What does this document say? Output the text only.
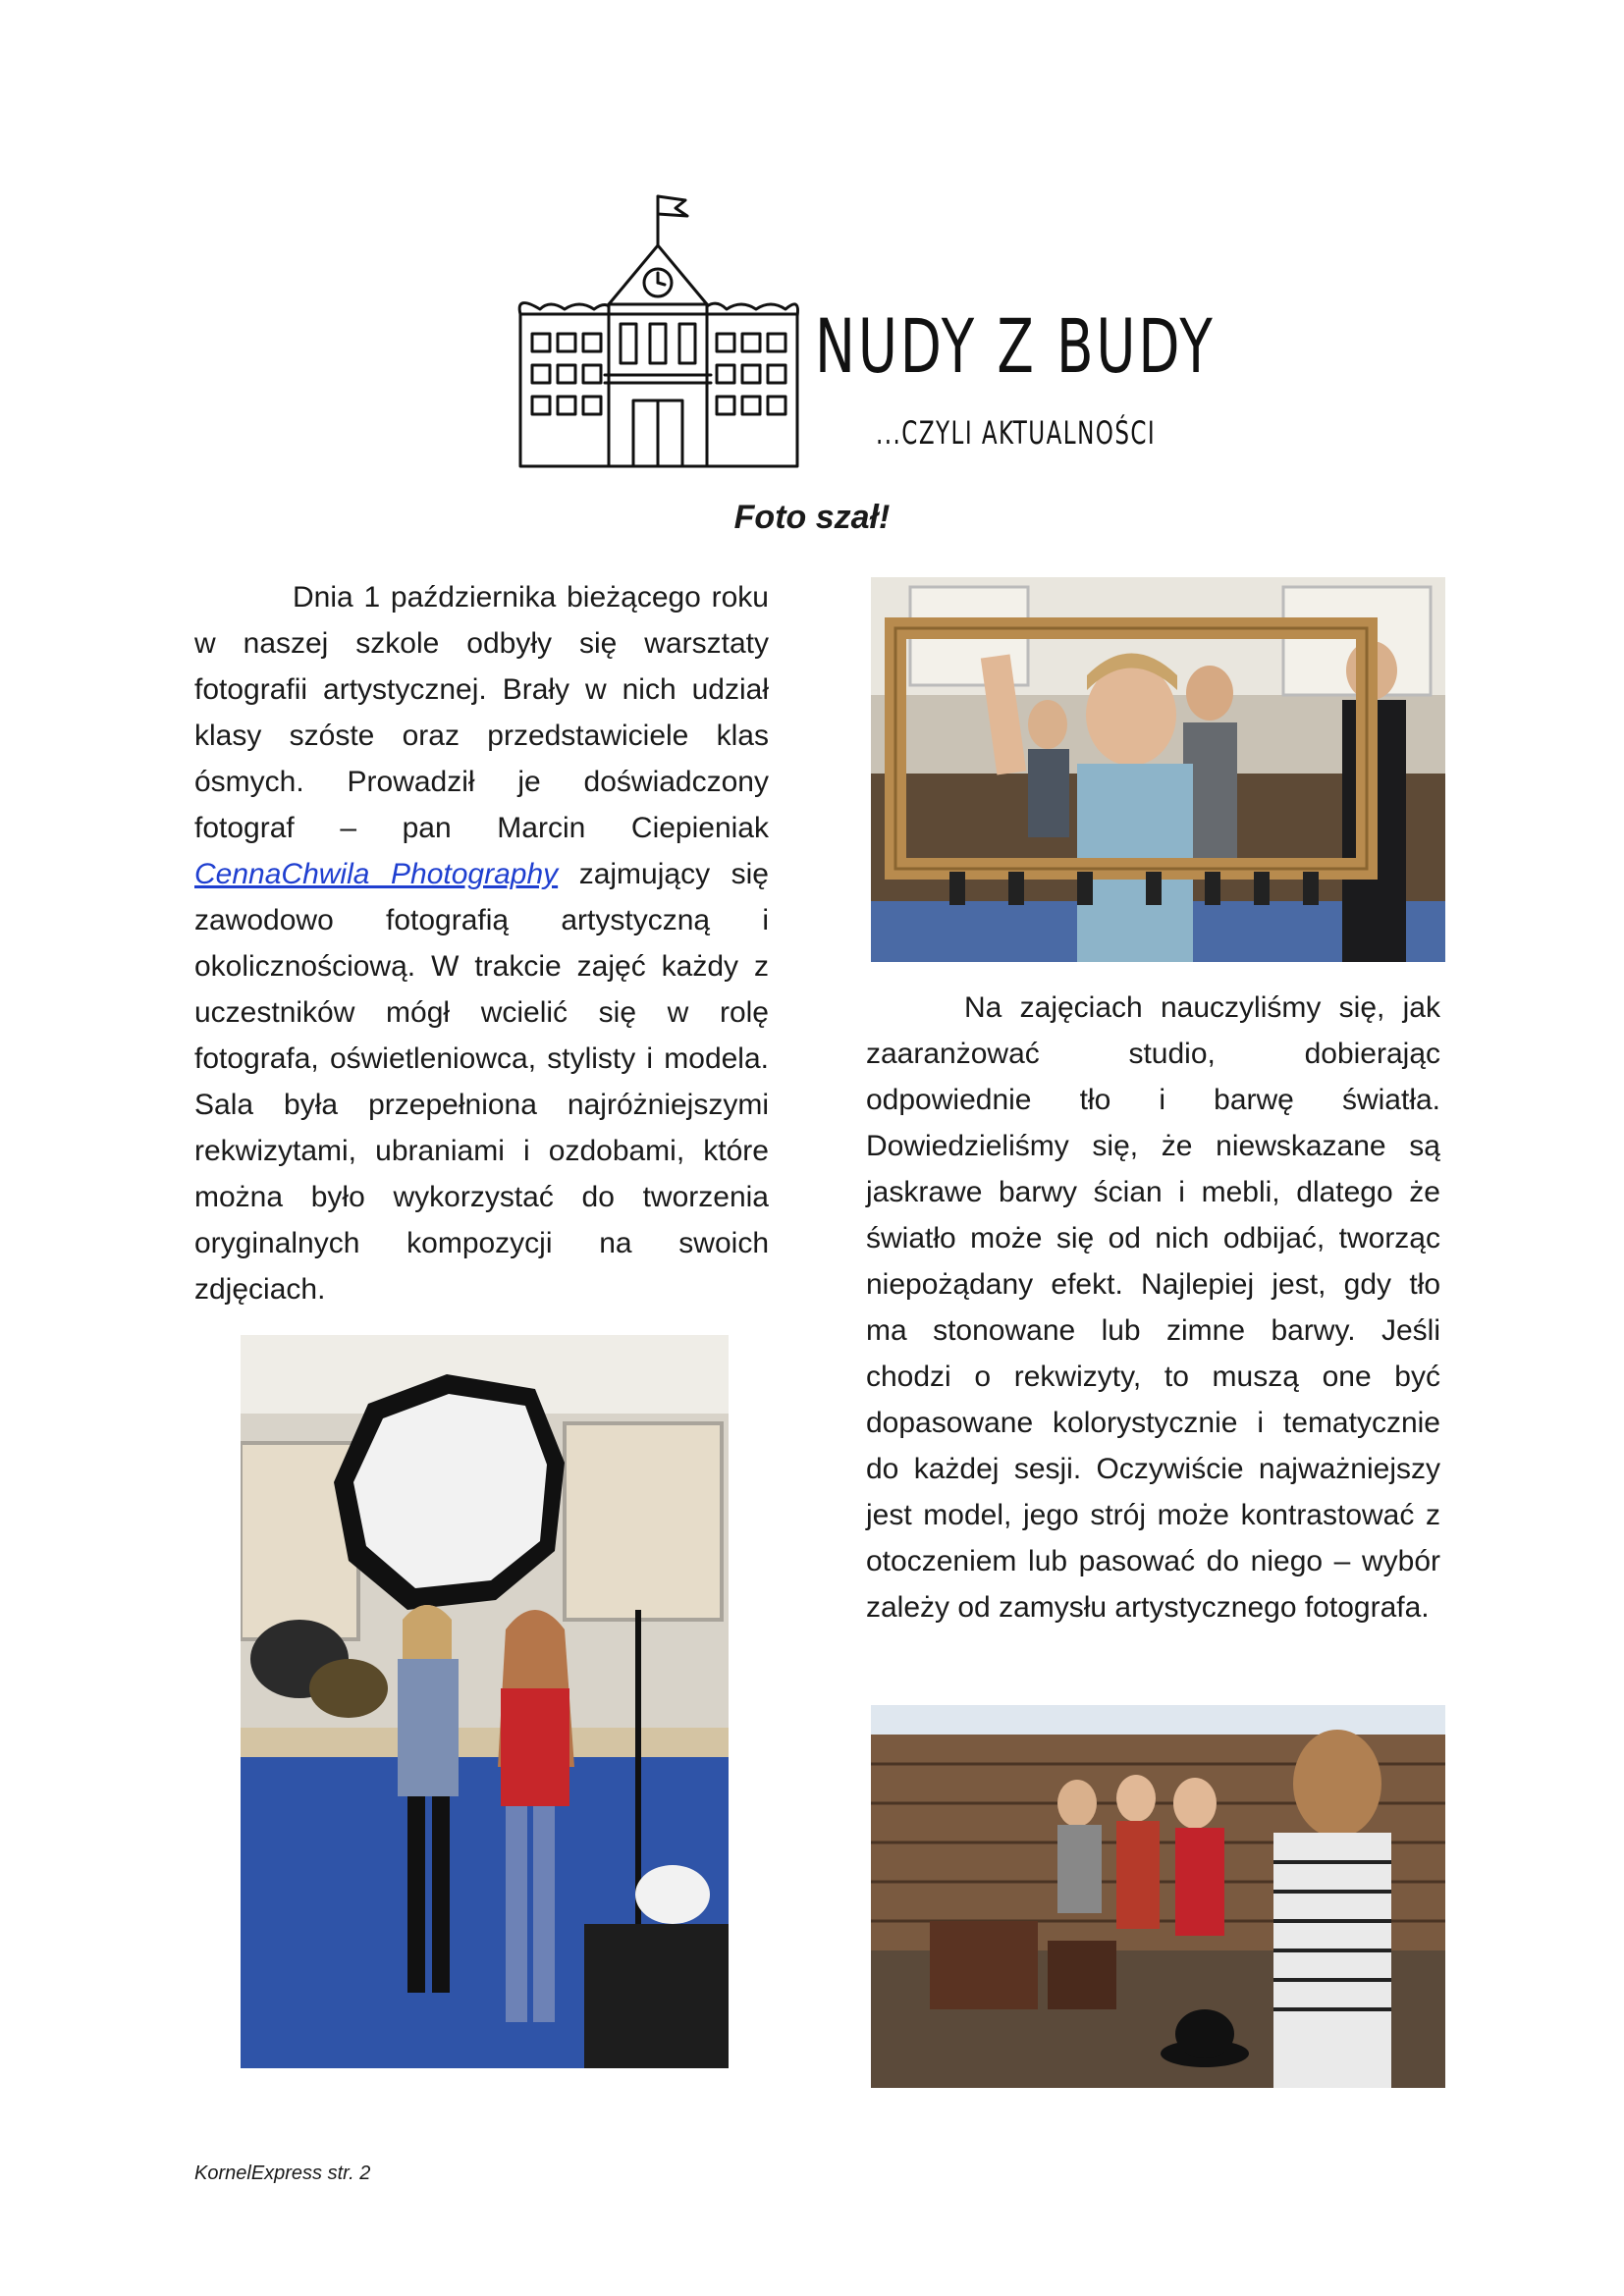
NUDY Z BUDY
...CZYLI AKTUALNOŚCI
Foto szał!

Dnia 1 października bieżącego roku w naszej szkole odbyły się warsztaty fotografii artystycznej. Brały w nich udział klasy szóste oraz przedstawiciele klas ósmych. Prowadził je doświadczony fotograf – pan Marcin Ciepieniak CennaChwila Photography zajmujący się zawodowo fotografią artystyczną i okolicznościową. W trakcie zajęć każdy z uczestników mógł wcielić się w rolę fotografa, oświetleniowca, stylisty i modela. Sala była przepełniona najróżniejszymi rekwizytami, ubraniami i ozdobami, które można było wykorzystać do tworzenia oryginalnych kompozycji na swoich zdjęciach.

Na zajęciach nauczyliśmy się, jak zaaranżować studio, dobierając odpowiednie tło i barwę światła. Dowiedzieliśmy się, że niewskazane są jaskrawe barwy ścian i mebli, dlatego że światło może się od nich odbijać, tworząc niepożądany efekt. Najlepiej jest, gdy tło ma stonowane lub zimne barwy. Jeśli chodzi o rekwizyty, to muszą one być dopasowane kolorystycznie i tematycznie do każdej sesji. Oczywiście najważniejszy jest model, jego strój może kontrastować z otoczeniem lub pasować do niego – wybór zależy od zamysłu artystycznego fotografa.

KornelExpress str. 2
